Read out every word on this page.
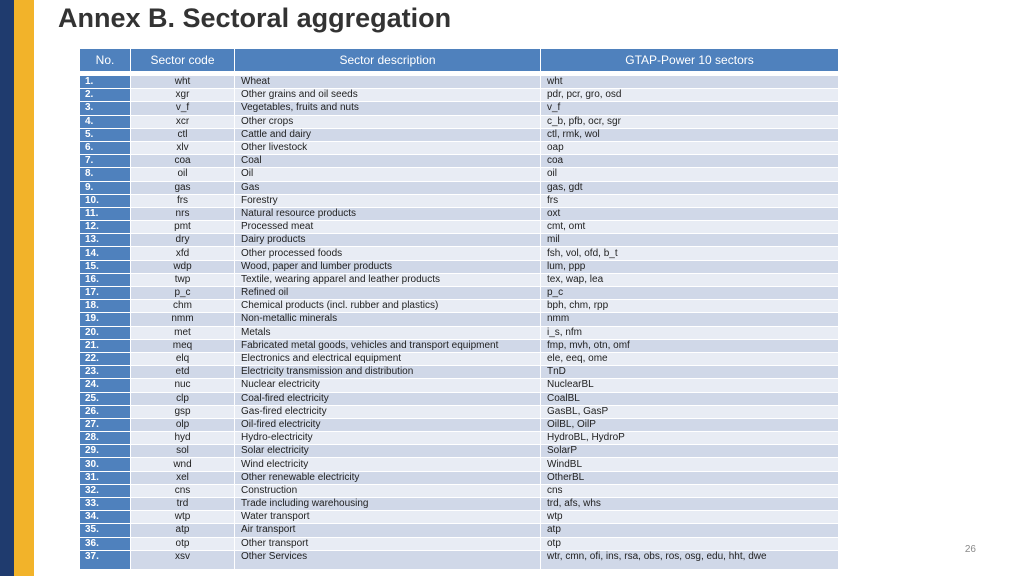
Annex B. Sectoral aggregation
No.	Sector code	Sector description	GTAP-Power 10 sectors

1.	wht	Wheat	wht
2.	xgr	Other grains and oil seeds	pdr, pcr, gro, osd
3.	v_f	Vegetables, fruits and nuts	v_f
4.	xcr	Other crops	c_b, pfb, ocr, sgr
5.	ctl	Cattle and dairy	ctl, rmk, wol
6.	xlv	Other livestock	oap
7.	coa	Coal	coa
8.	oil	Oil	oil
9.	gas	Gas	gas, gdt
10.	frs	Forestry	frs
11.	nrs	Natural resource products	oxt
12.	pmt	Processed meat	cmt, omt
13.	dry	Dairy products	mil
14.	xfd	Other processed foods	fsh, vol, ofd, b_t
15.	wdp	Wood, paper and lumber products	lum, ppp
16.	twp	Textile, wearing apparel and leather products	tex, wap, lea
17.	p_c	Refined oil	p_c
18.	chm	Chemical products (incl. rubber and plastics)	bph, chm, rpp
19.	nmm	Non-metallic minerals	nmm
20.	met	Metals	i_s, nfm
21.	meq	Fabricated metal goods, vehicles and transport equipment	fmp, mvh, otn, omf
22.	elq	Electronics and electrical equipment	ele, eeq, ome
23.	etd	Electricity transmission and distribution	TnD
24.	nuc	Nuclear electricity	NuclearBL
25.	clp	Coal-fired electricity	CoalBL
26.	gsp	Gas-fired electricity	GasBL, GasP
27.	olp	Oil-fired electricity	OilBL, OilP
28.	hyd	Hydro-electricity	HydroBL, HydroP
29.	sol	Solar electricity	SolarP
30.	wnd	Wind electricity	WindBL
31.	xel	Other renewable electricity	OtherBL
32.	cns	Construction	cns
33.	trd	Trade including warehousing	trd, afs, whs
34.	wtp	Water transport	wtp
35.	atp	Air transport	atp
36.	otp	Other transport	otp
37.	xsv	Other Services	wtr, cmn, ofi, ins, rsa, obs, ros, osg, edu, hht, dwe
26
